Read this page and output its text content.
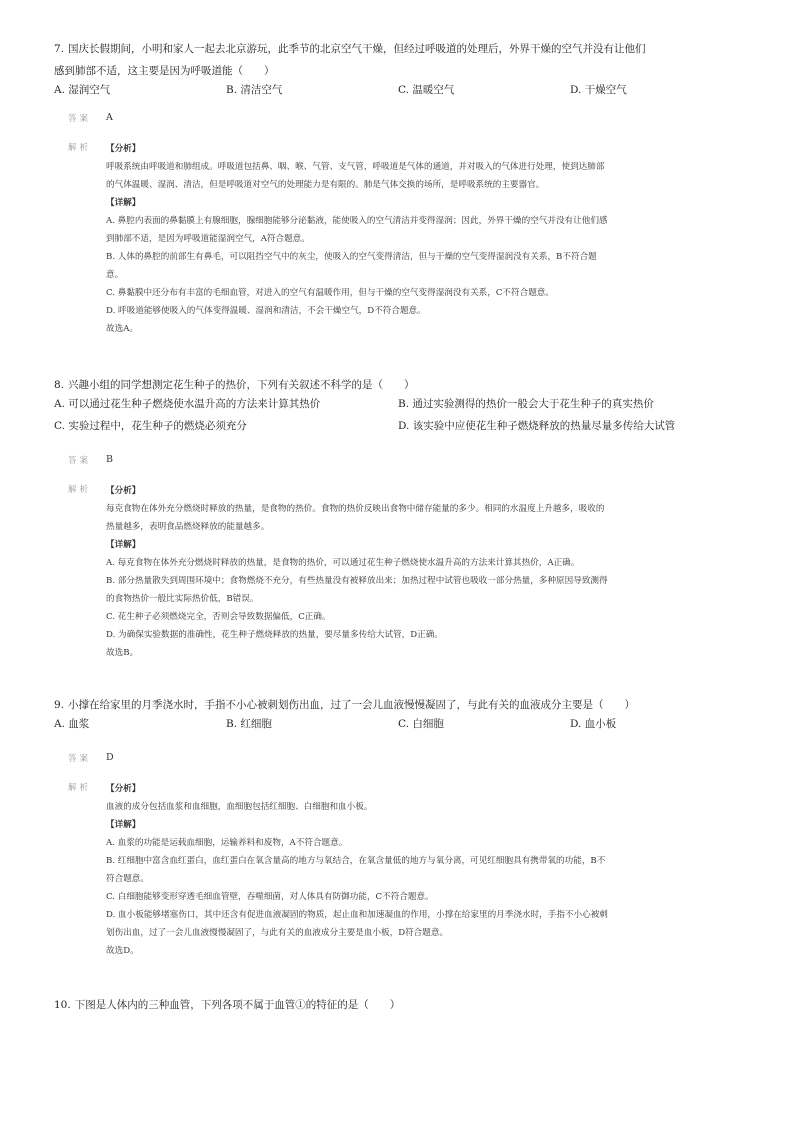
7. 国庆长假期间，小明和家人一起去北京游玩，此季节的北京空气干燥，但经过呼吸道的处理后，外界干燥的空气并没有让他们
感到肺部不适，这主要是因为呼吸道能（　　）
A. 湿润空气	B. 清洁空气	C. 温暖空气	D. 干燥空气
答案 A
解析 【分析】
呼吸系统由呼吸道和肺组成。呼吸道包括鼻、咽、喉、气管、支气管，呼吸道是气体的通道，并对吸入的气体进行处理，使到达肺部
的气体温暖、湿润、清洁，但是呼吸道对空气的处理能力是有限的。肺是气体交换的场所，是呼吸系统的主要器官。
【详解】
A. 鼻腔内表面的鼻黏膜上有腺细胞，腺细胞能够分泌黏液，能使吸入的空气清洁并变得湿润；因此，外界干燥的空气并没有让他们感
到肺部不适，是因为呼吸道能湿润空气，A符合题意。
B. 人体的鼻腔的前部生有鼻毛，可以阻挡空气中的灰尘，使吸入的空气变得清洁，但与干燥的空气变得湿润没有关系，B不符合题
意。
C. 鼻黏膜中还分布有丰富的毛细血管，对进入的空气有温暖作用，但与干燥的空气变得湿润没有关系，C不符合题意。
D. 呼吸道能够使吸入的气体变得温暖、湿润和清洁，不会干燥空气，D不符合题意。
故选A。
8. 兴趣小组的同学想测定花生种子的热价，下列有关叙述不科学的是（　　）
A. 可以通过花生种子燃烧使水温升高的方法来计算其热价	B. 通过实验测得的热价一般会大于花生种子的真实热价
C. 实验过程中，花生种子的燃烧必须充分	D. 该实验中应使花生种子燃烧释放的热量尽量多传给大试管
答案 B
解析 【分析】
每克食物在体外充分燃烧时释放的热量，是食物的热价。食物的热价反映出食物中储存能量的多少。相同的水温度上升越多，吸收的
热量越多，表明食品燃烧释放的能量越多。
【详解】
A. 每克食物在体外充分燃烧时释放的热量，是食物的热价，可以通过花生种子燃烧使水温升高的方法来计算其热价，A正确。
B. 部分热量散失到周围环境中；食物燃烧不充分，有些热量没有被释放出来；加热过程中试管也吸收一部分热量，多种原因导致测得
的食物热价一般比实际热价低，B错误。
C. 花生种子必须燃烧完全，否则会导致数据偏低，C正确。
D. 为确保实验数据的准确性，花生种子燃烧释放的热量，要尽量多传给大试管，D正确。
故选B。
9. 小撑在给家里的月季浇水时，手指不小心被刺划伤出血，过了一会儿血液慢慢凝固了，与此有关的血液成分主要是（　　）
A. 血浆	B. 红细胞	C. 白细胞	D. 血小板
答案 D
解析 【分析】
血液的成分包括血浆和血细胞，血细胞包括红细胞、白细胞和血小板。
【详解】
A. 血浆的功能是运载血细胞，运输养料和废物，A不符合题意。
B. 红细胞中富含血红蛋白，血红蛋白在氧含量高的地方与氧结合，在氧含量低的地方与氧分离，可见红细胞具有携带氧的功能，B不
符合题意。
C. 白细胞能够变形穿透毛细血管壁，吞噬细菌，对人体具有防御功能，C不符合题意。
D. 血小板能够堵塞伤口，其中还含有促进血液凝固的物质，起止血和加速凝血的作用，小撑在给家里的月季浇水时，手指不小心被刺
划伤出血，过了一会儿血液慢慢凝固了，与此有关的血液成分主要是血小板，D符合题意。
故选D。
10. 下图是人体内的三种血管，下列各项不属于血管①的特征的是（　　）
